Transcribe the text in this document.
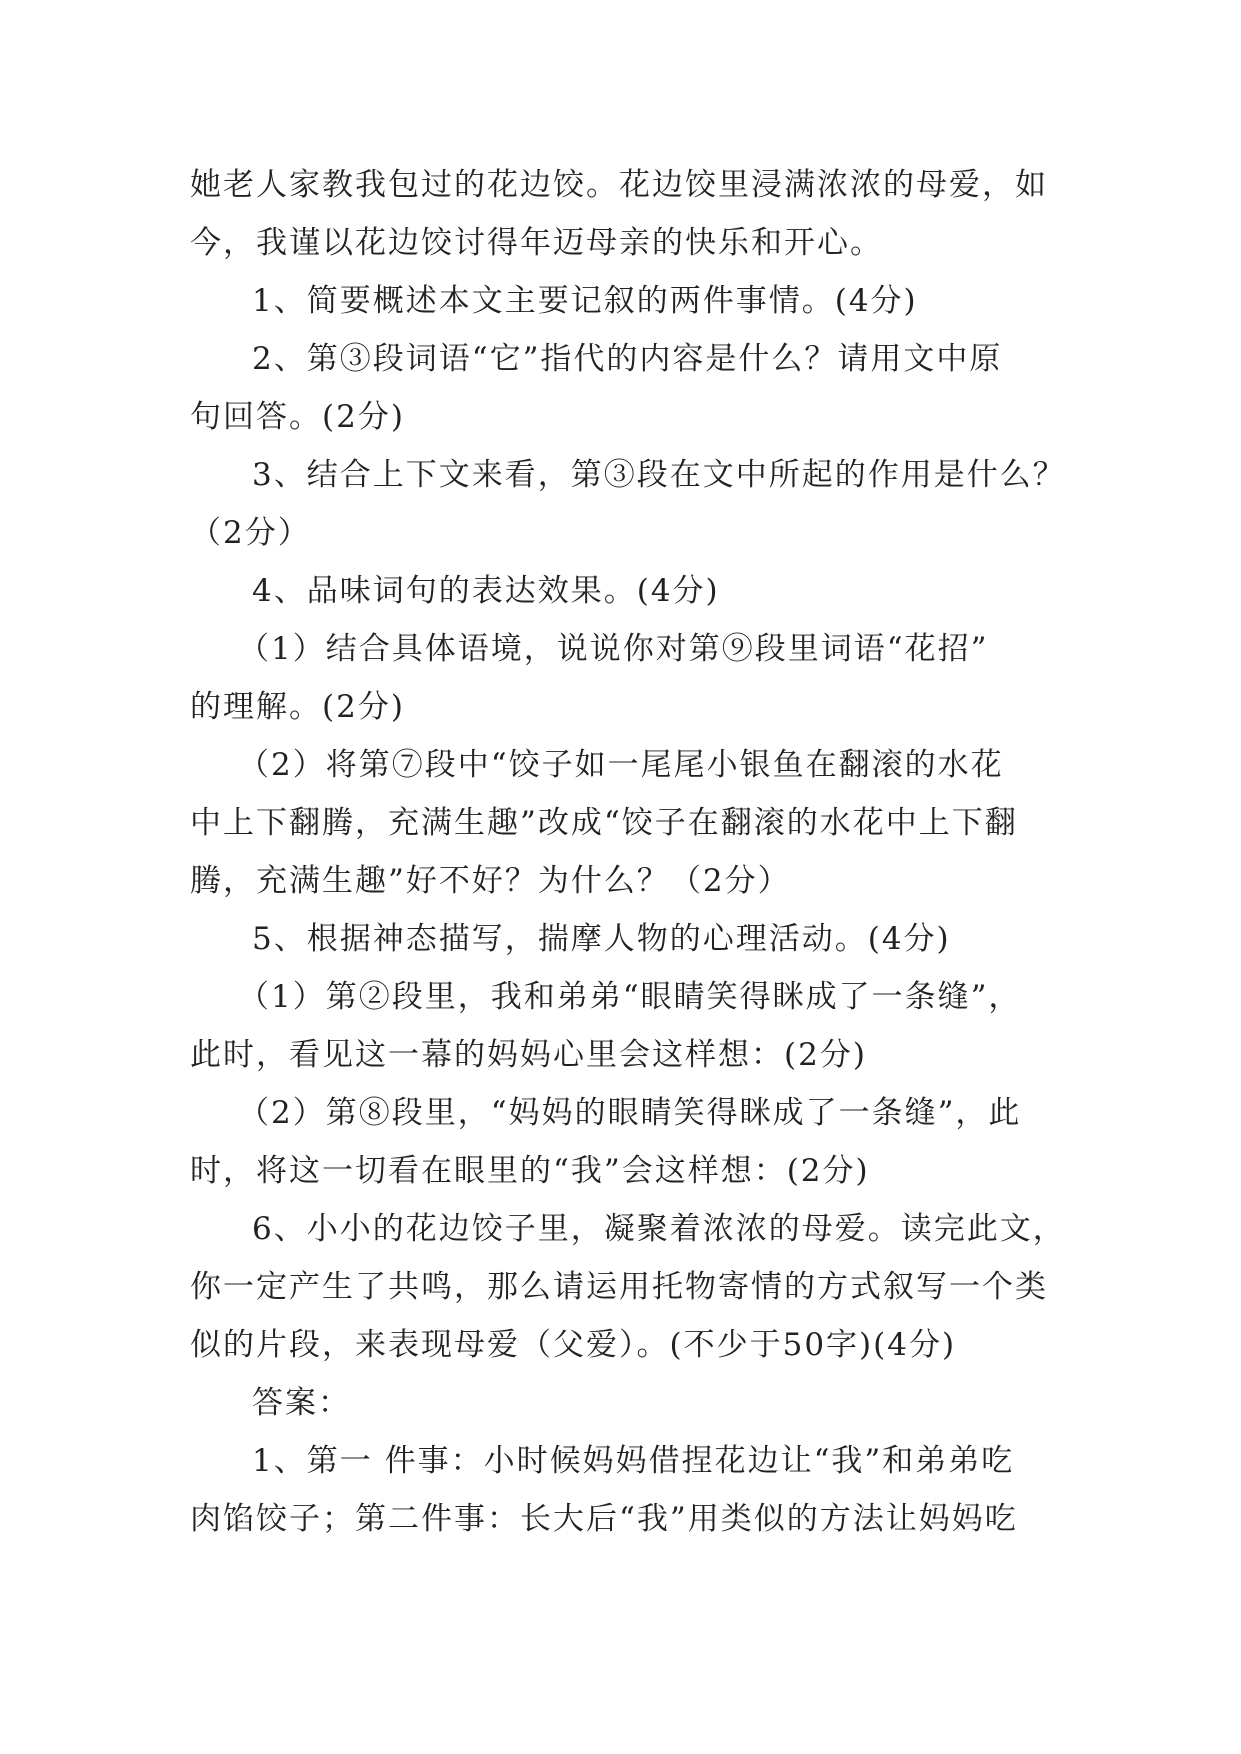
她老人家教我包过的花边饺。花边饺里浸满浓浓的母爱，如
今，我谨以花边饺讨得年迈母亲的快乐和开心。
1、简要概述本文主要记叙的两件事情。(4分)
2、第③段词语“它”指代的内容是什么？请用文中原
句回答。(2分)
3、结合上下文来看，第③段在文中所起的作用是什么？
（2分）
4、品味词句的表达效果。(4分)
（1）结合具体语境，说说你对第⑨段里词语“花招”
的理解。(2分)
（2）将第⑦段中“饺子如一尾尾小银鱼在翻滚的水花
中上下翻腾，充满生趣”改成“饺子在翻滚的水花中上下翻
腾，充满生趣”好不好？为什么？（2分）
5、根据神态描写，揣摩人物的心理活动。(4分)
（1）第②段里，我和弟弟“眼睛笑得眯成了一条缝”，
此时，看见这一幕的妈妈心里会这样想：(2分)
（2）第⑧段里，“妈妈的眼睛笑得眯成了一条缝”，此
时，将这一切看在眼里的“我”会这样想：(2分)
6、小小的花边饺子里，凝聚着浓浓的母爱。读完此文，
你一定产生了共鸣，那么请运用托物寄情的方式叙写一个类
似的片段，来表现母爱（父爱）。(不少于50字)(4分)
答案：
1、第一 件事：小时候妈妈借捏花边让“我”和弟弟吃
肉馅饺子；第二件事：长大后“我”用类似的方法让妈妈吃
